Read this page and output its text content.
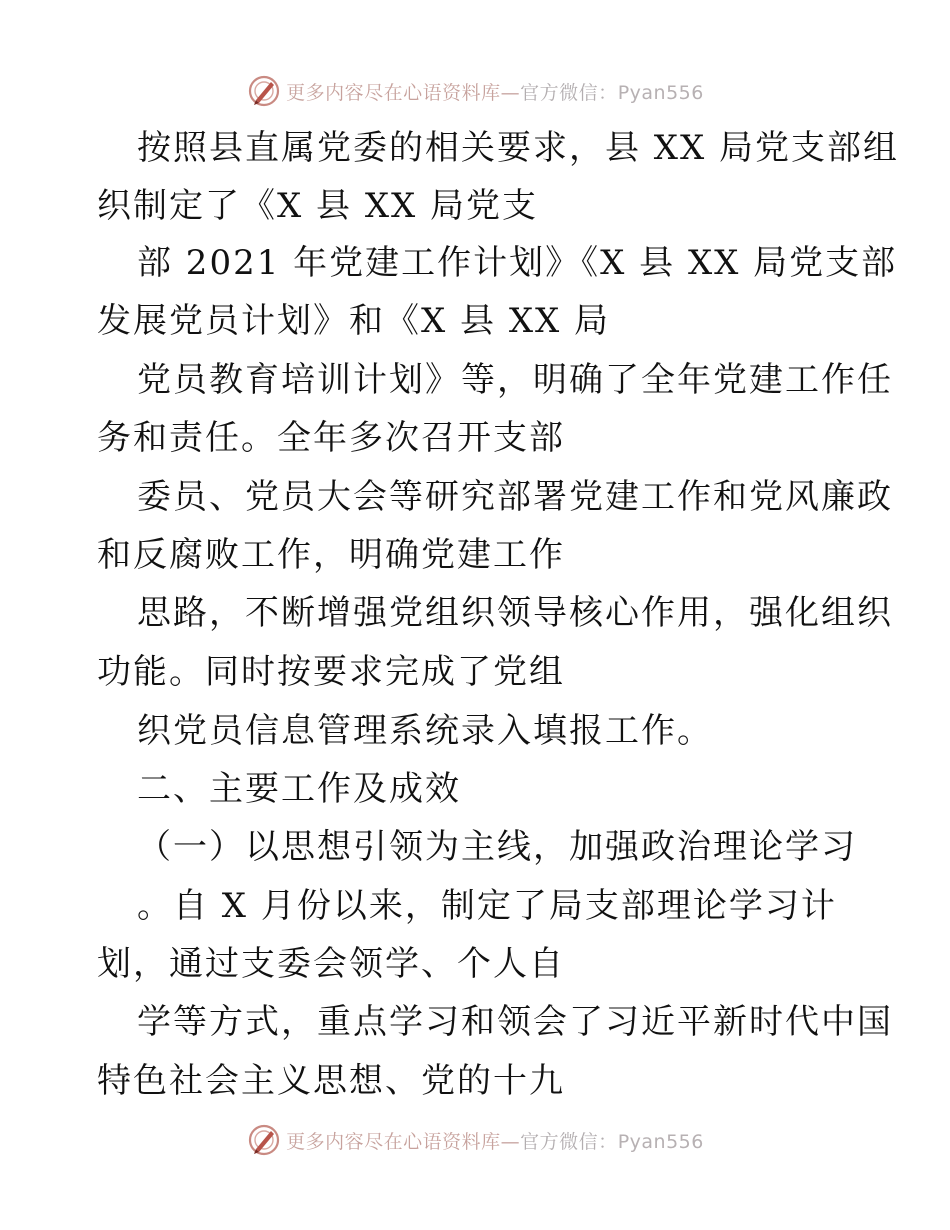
更多内容尽在心语资料库—官方微信：Pyan556
按照县直属党委的相关要求，县 XX 局党支部组
织制定了《X 县 XX 局党支
部 2021 年党建工作计划》《X 县 XX 局党支部
发展党员计划》和《X 县 XX 局
党员教育培训计划》等，明确了全年党建工作任
务和责任。全年多次召开支部
委员、党员大会等研究部署党建工作和党风廉政
和反腐败工作，明确党建工作
思路，不断增强党组织领导核心作用，强化组织
功能。同时按要求完成了党组
织党员信息管理系统录入填报工作。
二、主要工作及成效
（一）以思想引领为主线，加强政治理论学习
。自 X 月份以来，制定了局支部理论学习计
划，通过支委会领学、个人自
学等方式，重点学习和领会了习近平新时代中国
特色社会主义思想、党的十九
更多内容尽在心语资料库—官方微信：Pyan556
